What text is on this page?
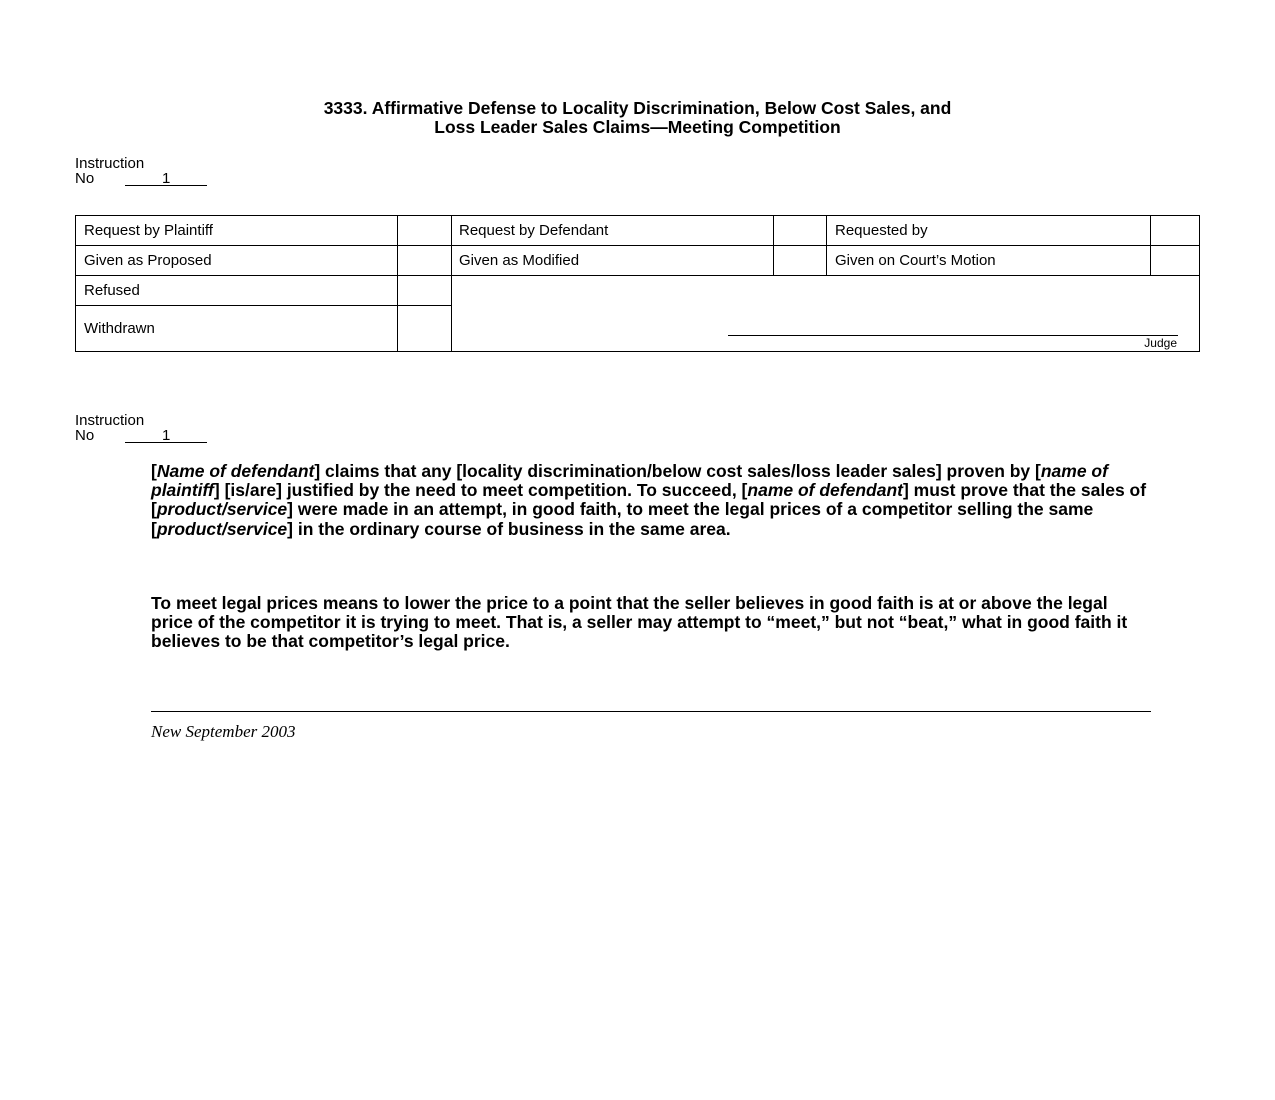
3333. Affirmative Defense to Locality Discrimination, Below Cost Sales, and
Loss Leader Sales Claims—Meeting Competition
Instruction
No	1
Request by Plaintiff	Request by Defendant	Requested by
Given as Proposed	Given as Modified	Given on Court’s Motion
Refused
Withdrawn
Judge
Instruction
No	1
[Name of defendant] claims that any [locality discrimination/below cost sales/loss leader sales] proven by [name of plaintiff] [is/are] justified by the need to meet competition. To succeed, [name of defendant] must prove that the sales of [product/service] were made in an attempt, in good faith, to meet the legal prices of a competitor selling the same [product/service] in the ordinary course of business in the same area.
To meet legal prices means to lower the price to a point that the seller believes in good faith is at or above the legal price of the competitor it is trying to meet. That is, a seller may attempt to “meet,” but not “beat,” what in good faith it believes to be that competitor’s legal price.
New September 2003
